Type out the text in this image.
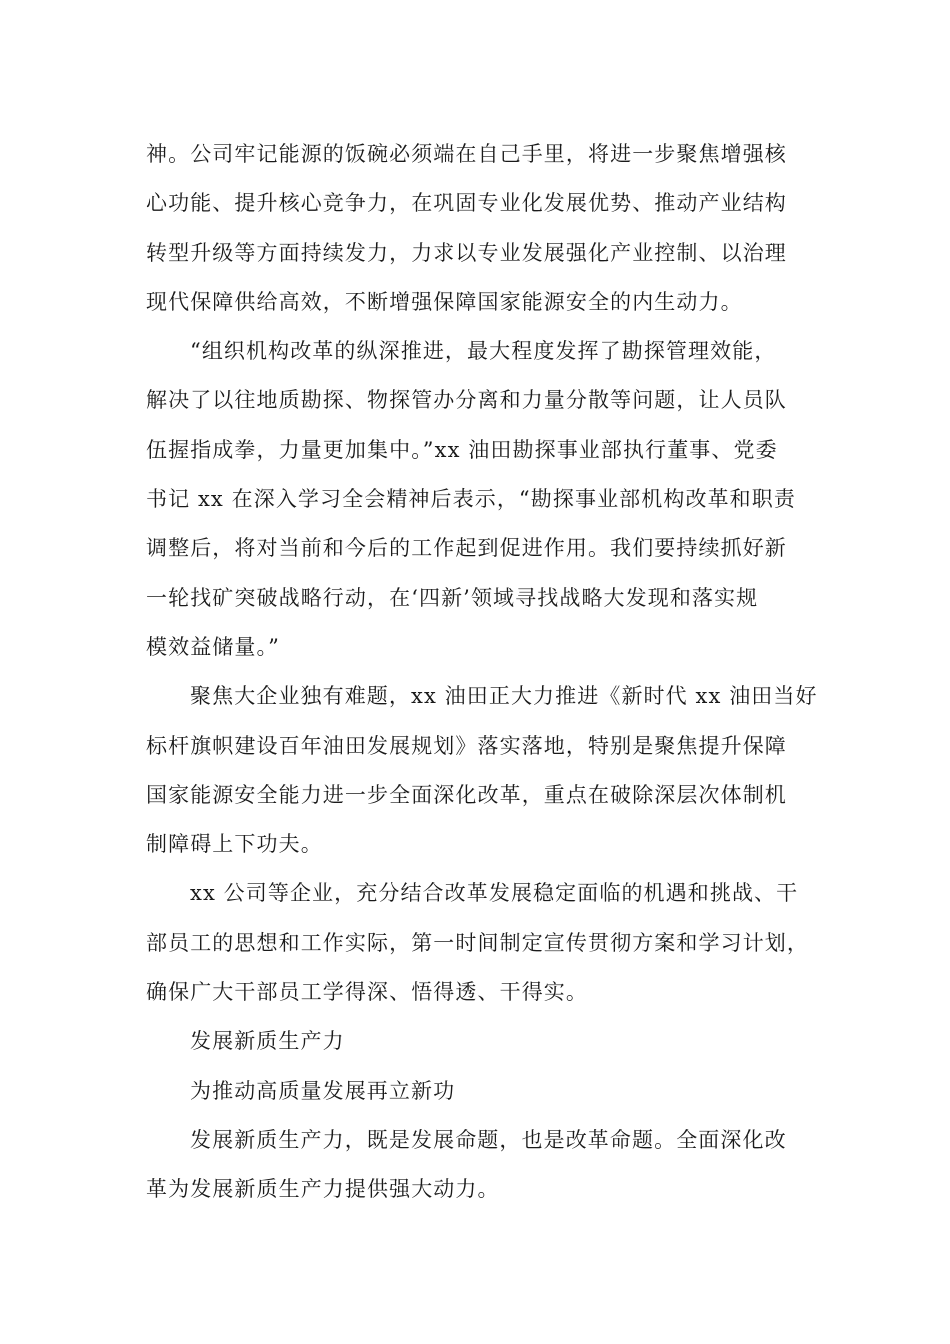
神。公司牢记能源的饭碗必须端在自己手里，将进一步聚焦增强核
心功能、提升核心竞争力，在巩固专业化发展优势、推动产业结构
转型升级等方面持续发力，力求以专业发展强化产业控制、以治理
现代保障供给高效，不断增强保障国家能源安全的内生动力。

“组织机构改革的纵深推进，最大程度发挥了勘探管理效能，
解决了以往地质勘探、物探管办分离和力量分散等问题，让人员队
伍握指成拳，力量更加集中。”xx 油田勘探事业部执行董事、党委
书记 xx 在深入学习全会精神后表示，“勘探事业部机构改革和职责
调整后，将对当前和今后的工作起到促进作用。我们要持续抓好新
一轮找矿突破战略行动，在‘四新’领域寻找战略大发现和落实规
模效益储量。”

聚焦大企业独有难题，xx 油田正大力推进《新时代 xx 油田当好
标杆旗帜建设百年油田发展规划》落实落地，特别是聚焦提升保障
国家能源安全能力进一步全面深化改革，重点在破除深层次体制机
制障碍上下功夫。

xx 公司等企业，充分结合改革发展稳定面临的机遇和挑战、干
部员工的思想和工作实际，第一时间制定宣传贯彻方案和学习计划，
确保广大干部员工学得深、悟得透、干得实。

发展新质生产力

为推动高质量发展再立新功

发展新质生产力，既是发展命题，也是改革命题。全面深化改
革为发展新质生产力提供强大动力。
